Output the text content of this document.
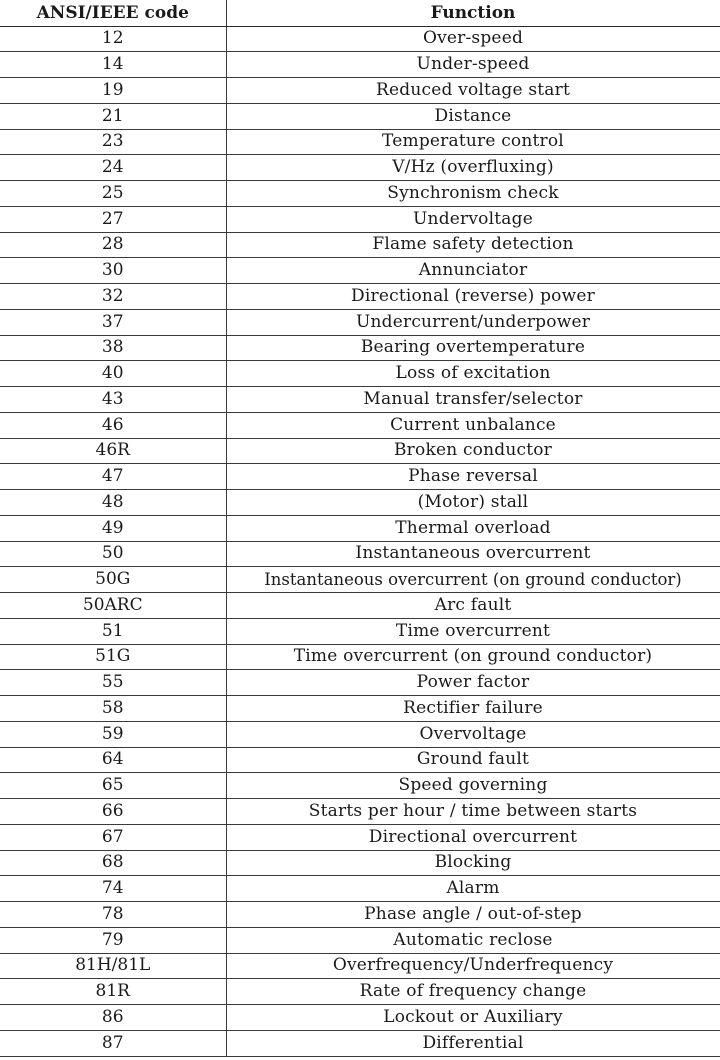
ANSI/IEEE code	Function
12	Over-speed
14	Under-speed
19	Reduced voltage start
21	Distance
23	Temperature control
24	V/Hz (overfluxing)
25	Synchronism check
27	Undervoltage
28	Flame safety detection
30	Annunciator
32	Directional (reverse) power
37	Undercurrent/underpower
38	Bearing overtemperature
40	Loss of excitation
43	Manual transfer/selector
46	Current unbalance
46R	Broken conductor
47	Phase reversal
48	(Motor) stall
49	Thermal overload
50	Instantaneous overcurrent
50G	Instantaneous overcurrent (on ground conductor)
50ARC	Arc fault
51	Time overcurrent
51G	Time overcurrent (on ground conductor)
55	Power factor
58	Rectifier failure
59	Overvoltage
64	Ground fault
65	Speed governing
66	Starts per hour / time between starts
67	Directional overcurrent
68	Blocking
74	Alarm
78	Phase angle / out-of-step
79	Automatic reclose
81H/81L	Overfrequency/Underfrequency
81R	Rate of frequency change
86	Lockout or Auxiliary
87	Differential
